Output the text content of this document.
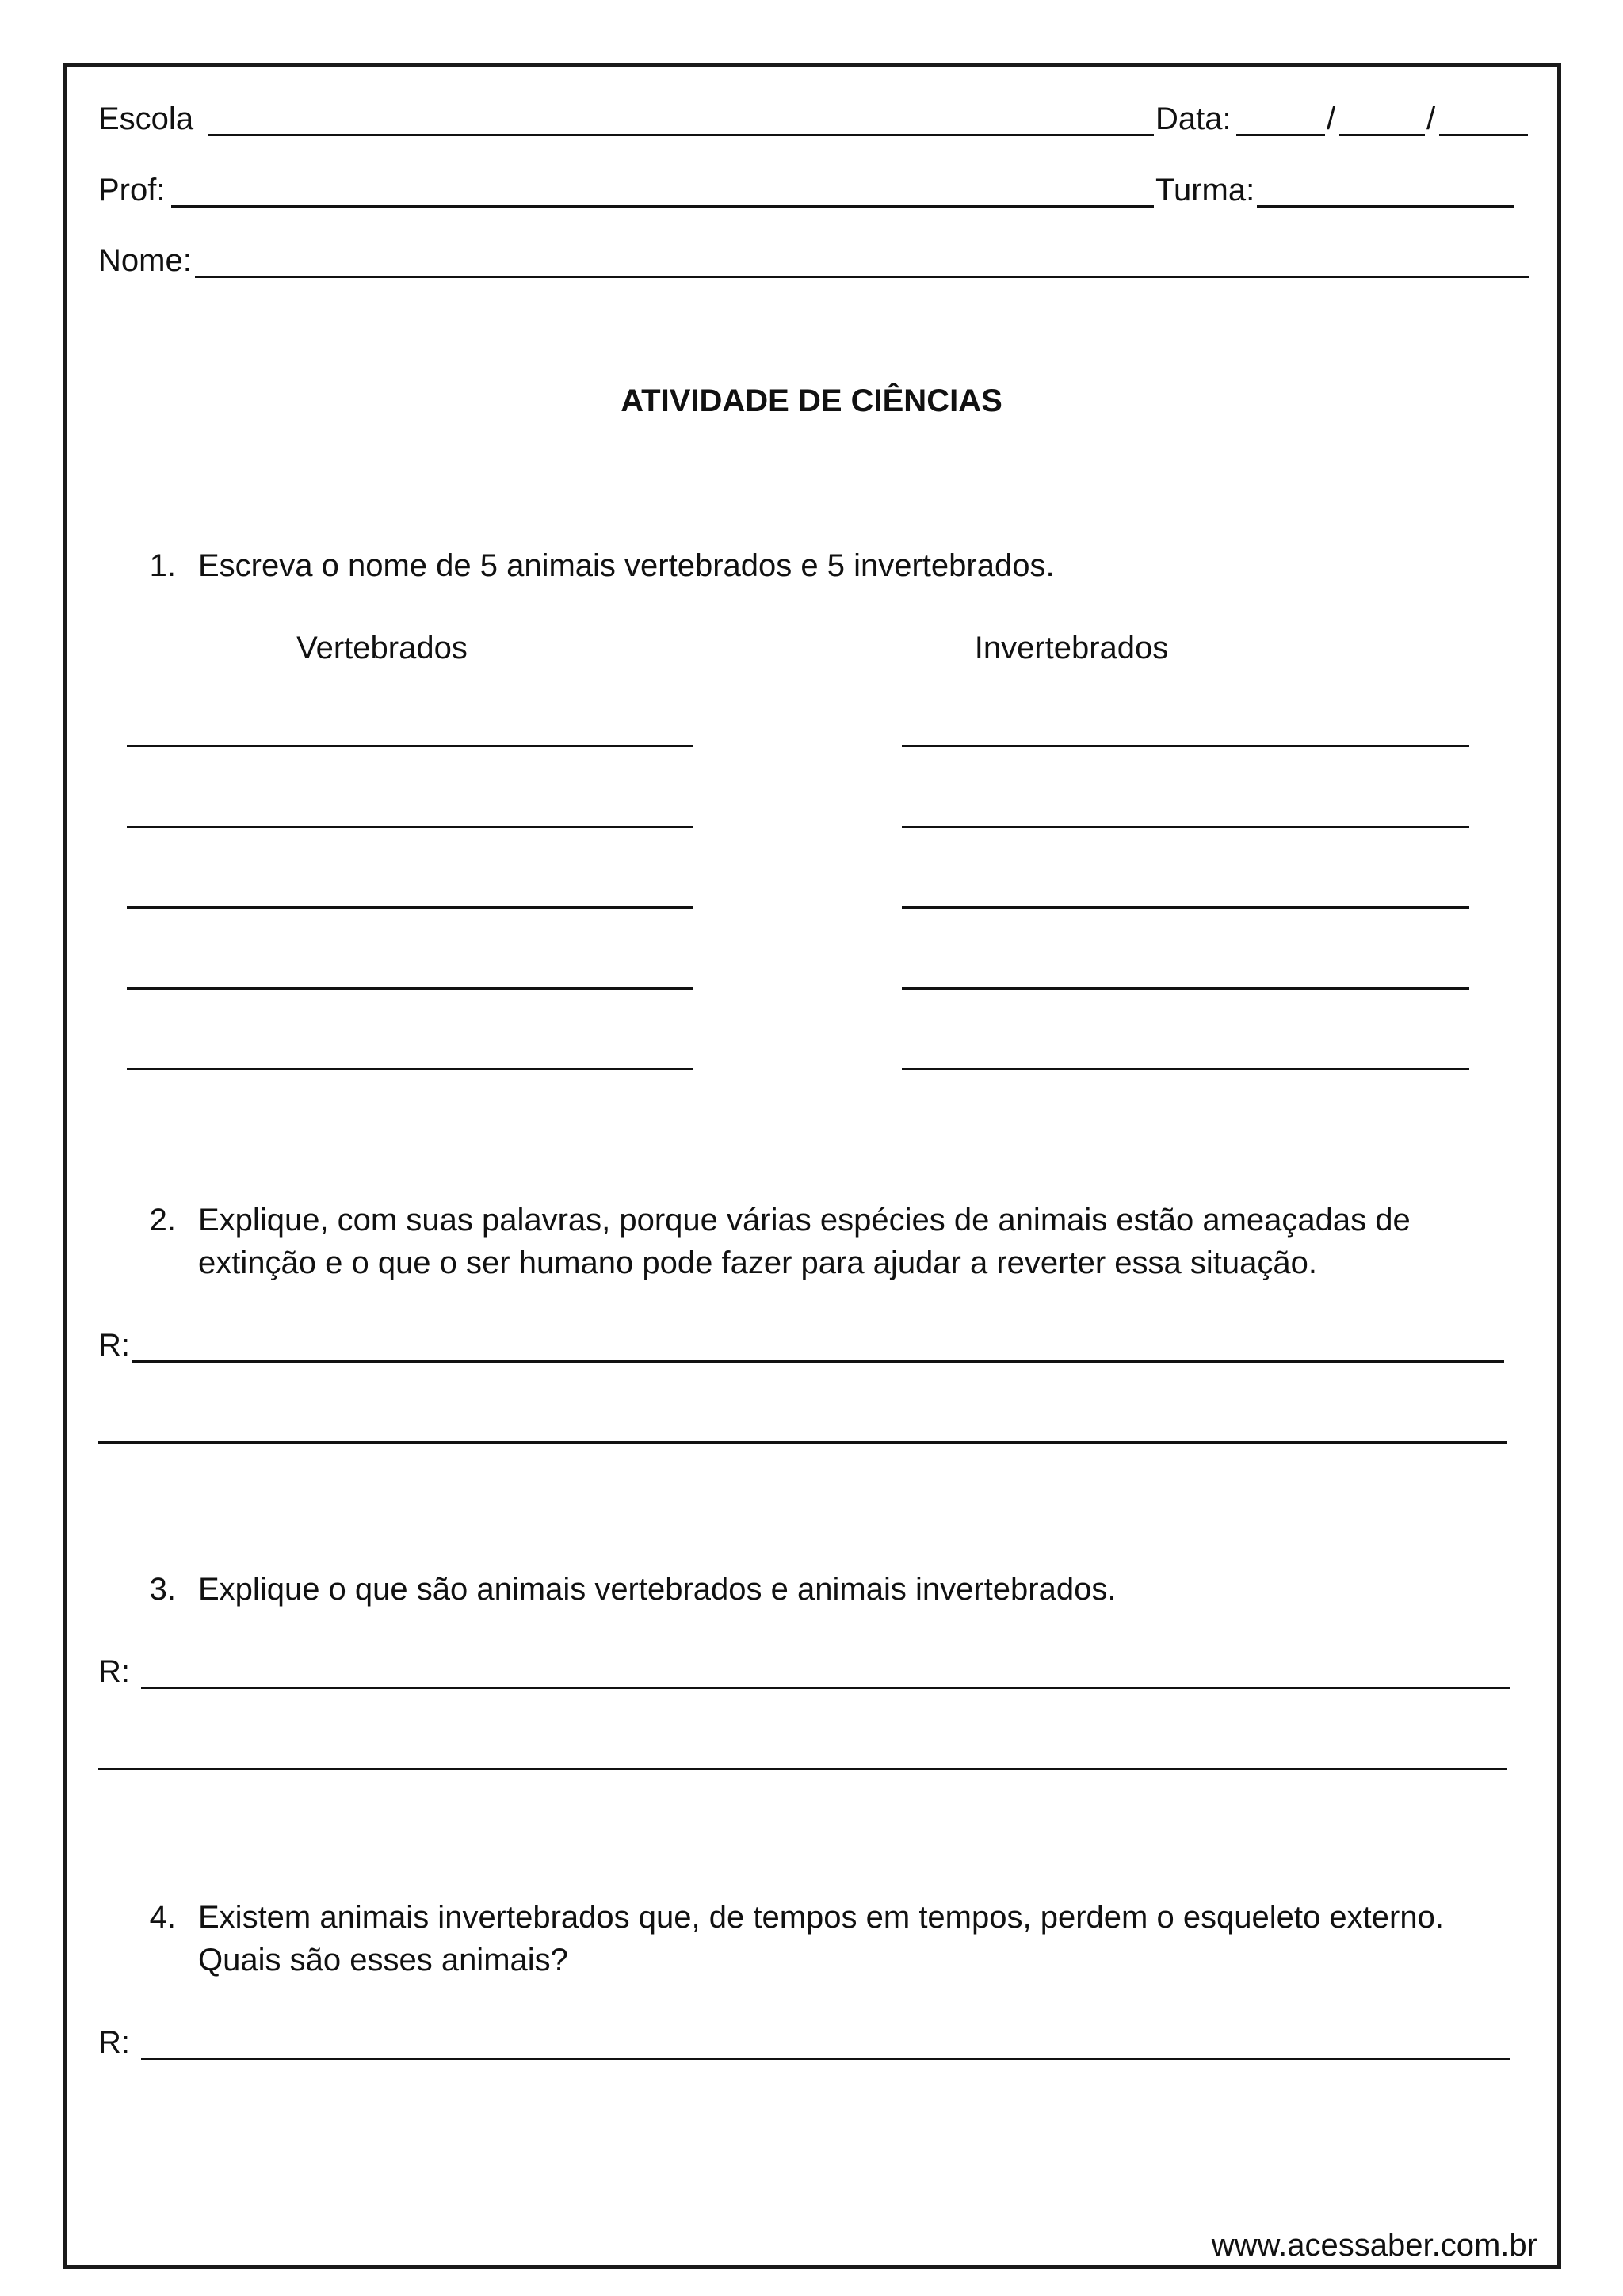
Escola	Data:	/	/
Prof:	Turma:
Nome:
ATIVIDADE DE CIÊNCIAS
1. Escreva o nome de 5 animais vertebrados e 5 invertebrados.
Vertebrados	Invertebrados
2. Explique, com suas palavras, porque várias espécies de animais estão ameaçadas de
extinção e o que o ser humano pode fazer para ajudar a reverter essa situação.
R:
3. Explique o que são animais vertebrados e animais invertebrados.
R:
4. Existem animais invertebrados que, de tempos em tempos, perdem o esqueleto externo.
Quais são esses animais?
R:
www.acessaber.com.br
